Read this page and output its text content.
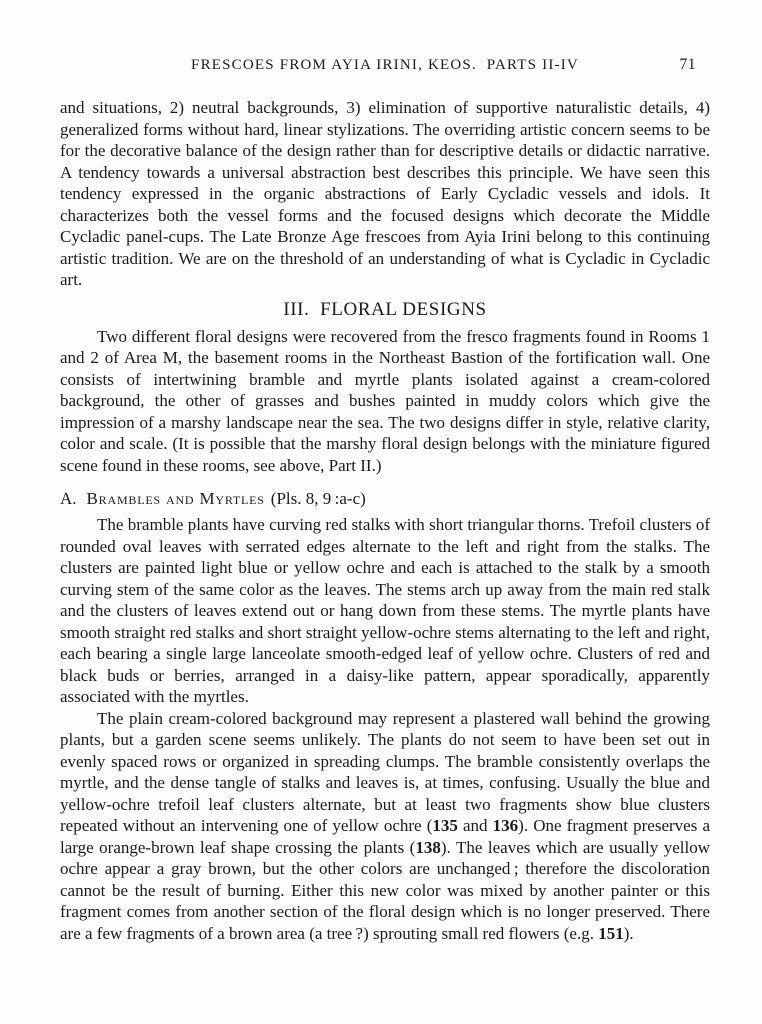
FRESCOES FROM AYIA IRINI, KEOS.  PARTS II-IV	71

and situations, 2) neutral backgrounds, 3) elimination of supportive naturalistic details, 4) generalized forms without hard, linear stylizations. The overriding artistic concern seems to be for the decorative balance of the design rather than for descriptive details or didactic narrative. A tendency towards a universal abstraction best describes this principle. We have seen this tendency expressed in the organic abstractions of Early Cycladic vessels and idols. It characterizes both the vessel forms and the focused designs which decorate the Middle Cycladic panel-cups. The Late Bronze Age frescoes from Ayia Irini belong to this continuing artistic tradition. We are on the threshold of an understanding of what is Cycladic in Cycladic art.

III.  FLORAL DESIGNS

Two different floral designs were recovered from the fresco fragments found in Rooms 1 and 2 of Area M, the basement rooms in the Northeast Bastion of the fortification wall. One consists of intertwining bramble and myrtle plants isolated against a cream-colored background, the other of grasses and bushes painted in muddy colors which give the impression of a marshy landscape near the sea. The two designs differ in style, relative clarity, color and scale. (It is possible that the marshy floral design belongs with the miniature figured scene found in these rooms, see above, Part II.)

A. Brambles and Myrtles (Pls. 8, 9 :a-c)

The bramble plants have curving red stalks with short triangular thorns. Trefoil clusters of rounded oval leaves with serrated edges alternate to the left and right from the stalks. The clusters are painted light blue or yellow ochre and each is attached to the stalk by a smooth curving stem of the same color as the leaves. The stems arch up away from the main red stalk and the clusters of leaves extend out or hang down from these stems. The myrtle plants have smooth straight red stalks and short straight yellow-ochre stems alternating to the left and right, each bearing a single large lanceolate smooth-edged leaf of yellow ochre. Clusters of red and black buds or berries, arranged in a daisy-like pattern, appear sporadically, apparently associated with the myrtles.

The plain cream-colored background may represent a plastered wall behind the growing plants, but a garden scene seems unlikely. The plants do not seem to have been set out in evenly spaced rows or organized in spreading clumps. The bramble consistently overlaps the myrtle, and the dense tangle of stalks and leaves is, at times, confusing. Usually the blue and yellow-ochre trefoil leaf clusters alternate, but at least two fragments show blue clusters repeated without an intervening one of yellow ochre (135 and 136). One fragment preserves a large orange-brown leaf shape crossing the plants (138). The leaves which are usually yellow ochre appear a gray brown, but the other colors are unchanged ; therefore the discoloration cannot be the result of burning. Either this new color was mixed by another painter or this fragment comes from another section of the floral design which is no longer preserved. There are a few fragments of a brown area (a tree ?) sprouting small red flowers (e.g. 151).
